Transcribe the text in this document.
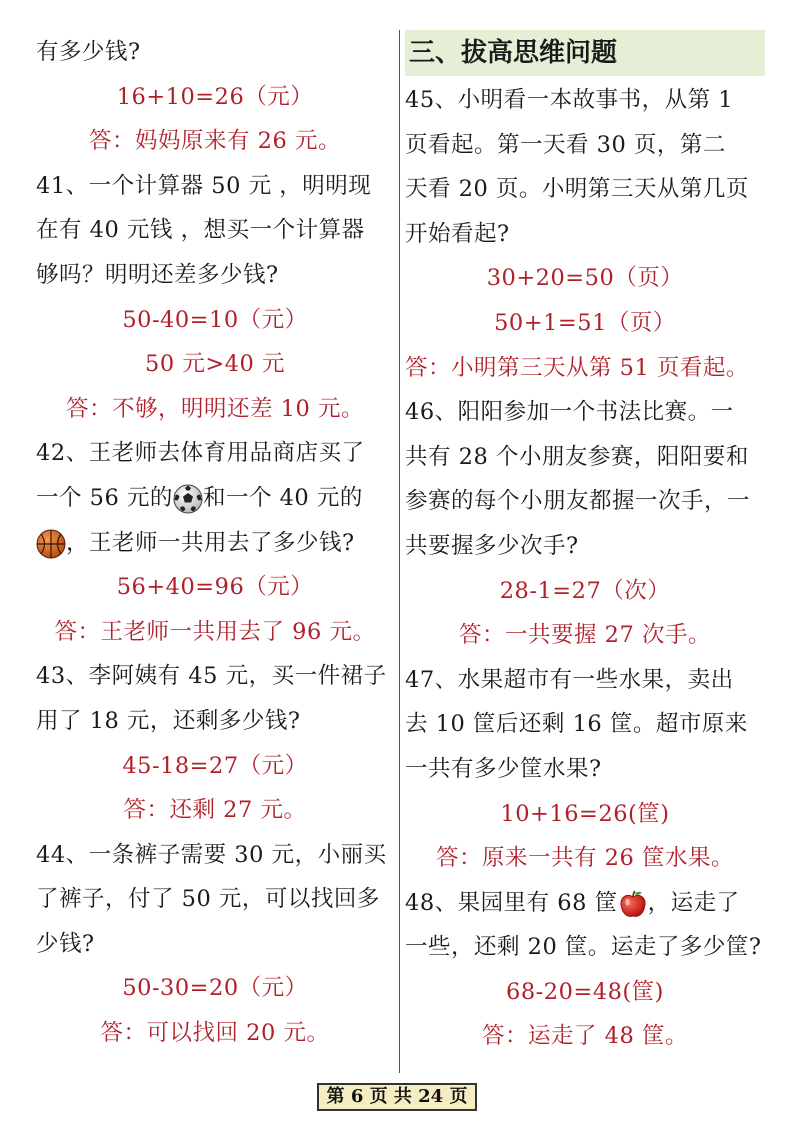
有多少钱?
16+10=26（元）
答：妈妈原来有 26 元。
41、一个计算器 50 元 ，明明现
在有 40 元钱 ，想买一个计算器
够吗？明明还差多少钱?
50-40=10（元）
50 元>40 元
答：不够，明明还差 10 元。
42、王老师去体育用品商店买了
一个 56 元的 和一个 40 元的
，王老师一共用去了多少钱?
56+40=96（元）
答：王老师一共用去了 96 元。
43、李阿姨有 45 元，买一件裙子
用了 18 元，还剩多少钱?
45-18=27（元）
答：还剩 27 元。
44、一条裤子需要 30 元，小丽买
了裤子，付了 50 元，可以找回多
少钱?
50-30=20（元）
答：可以找回 20 元。
三、拔高思维问题
45、小明看一本故事书，从第 1
页看起。第一天看 30 页，第二
天看 20 页。小明第三天从第几页
开始看起?
30+20=50（页）
50+1=51（页）
答：小明第三天从第 51 页看起。
46、阳阳参加一个书法比赛。一
共有 28 个小朋友参赛，阳阳要和
参赛的每个小朋友都握一次手，一
共要握多少次手?
28-1=27（次）
答：一共要握 27 次手。
47、水果超市有一些水果，卖出
去 10 筐后还剩 16 筐。超市原来
一共有多少筐水果?
10+16=26(筐)
答：原来一共有 26 筐水果。
48、果园里有 68 筐 ，运走了
一些，还剩 20 筐。运走了多少筐?
68-20=48(筐)
答：运走了 48 筐。
第 6 页 共 24 页
